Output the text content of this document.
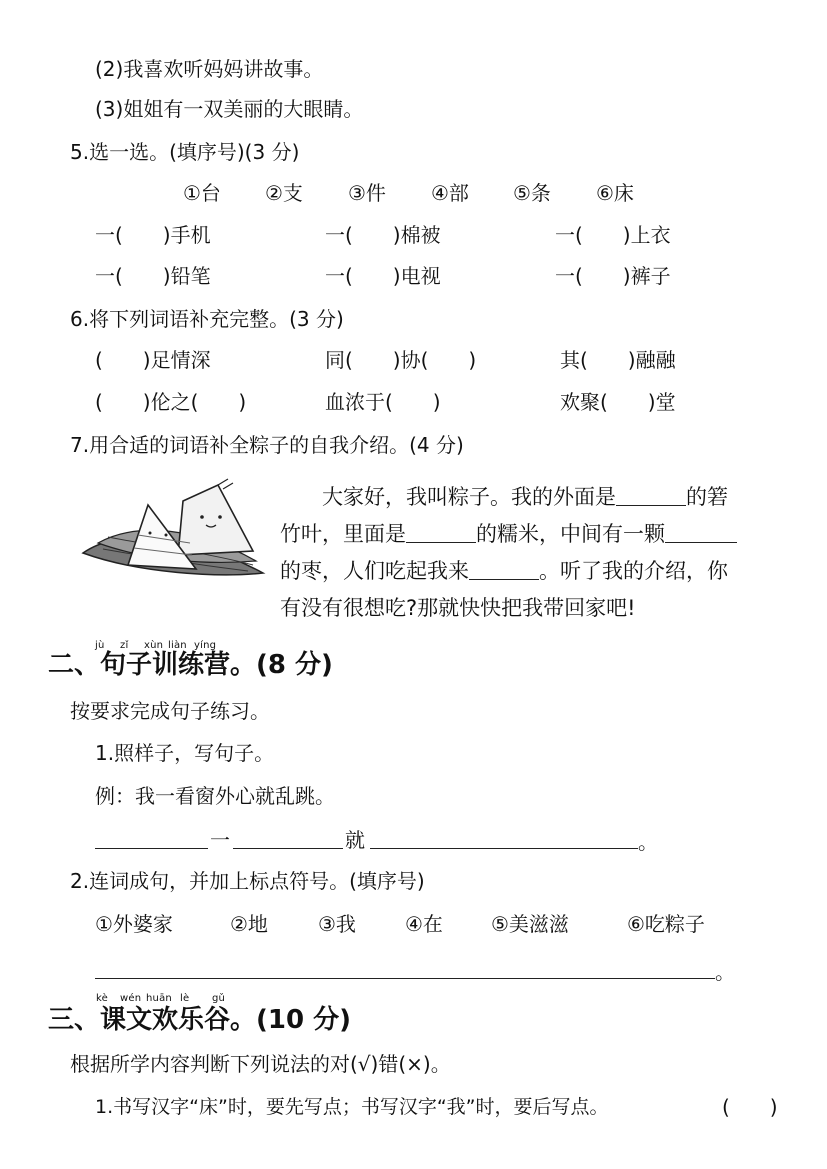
(2)我喜欢听妈妈讲故事。
(3)姐姐有一双美丽的大眼睛。
5.选一选。(填序号)(3 分)
①台 ②支 ③件 ④部 ⑤条 ⑥床
一(　　)手机	一(　　)棉被	一(　　)上衣
一(　　)铅笔	一(　　)电视	一(　　)裤子
6.将下列词语补充完整。(3 分)
(　　)足情深	同(　　)协(　　)	其(　　)融融
(　　)伦之(　　)	血浓于(　　)	欢聚(　　)堂
7.用合适的词语补全粽子的自我介绍。(4 分)
大家好，我叫粽子。我的外面是	的箬
竹叶，里面是	的糯米，中间有一颗
的枣，人们吃起我来	。听了我的介绍，你
有没有很想吃?那就快快把我带回家吧!
jù zǐ xùn liàn yíng
二、句子训练营。(8 分)
按要求完成句子练习。
1.照样子，写句子。
例：我一看窗外心就乱跳。
一	就	。
2.连词成句，并加上标点符号。(填序号)
①外婆家	②地	③我 ④在 ⑤美滋滋	⑥吃粽子
。
kè wén huān lè gǔ
三、课文欢乐谷。(10 分)
根据所学内容判断下列说法的对(√)错(×)。
1.书写汉字“床”时，要先写点；书写汉字“我”时，要后写点。	(　　)
